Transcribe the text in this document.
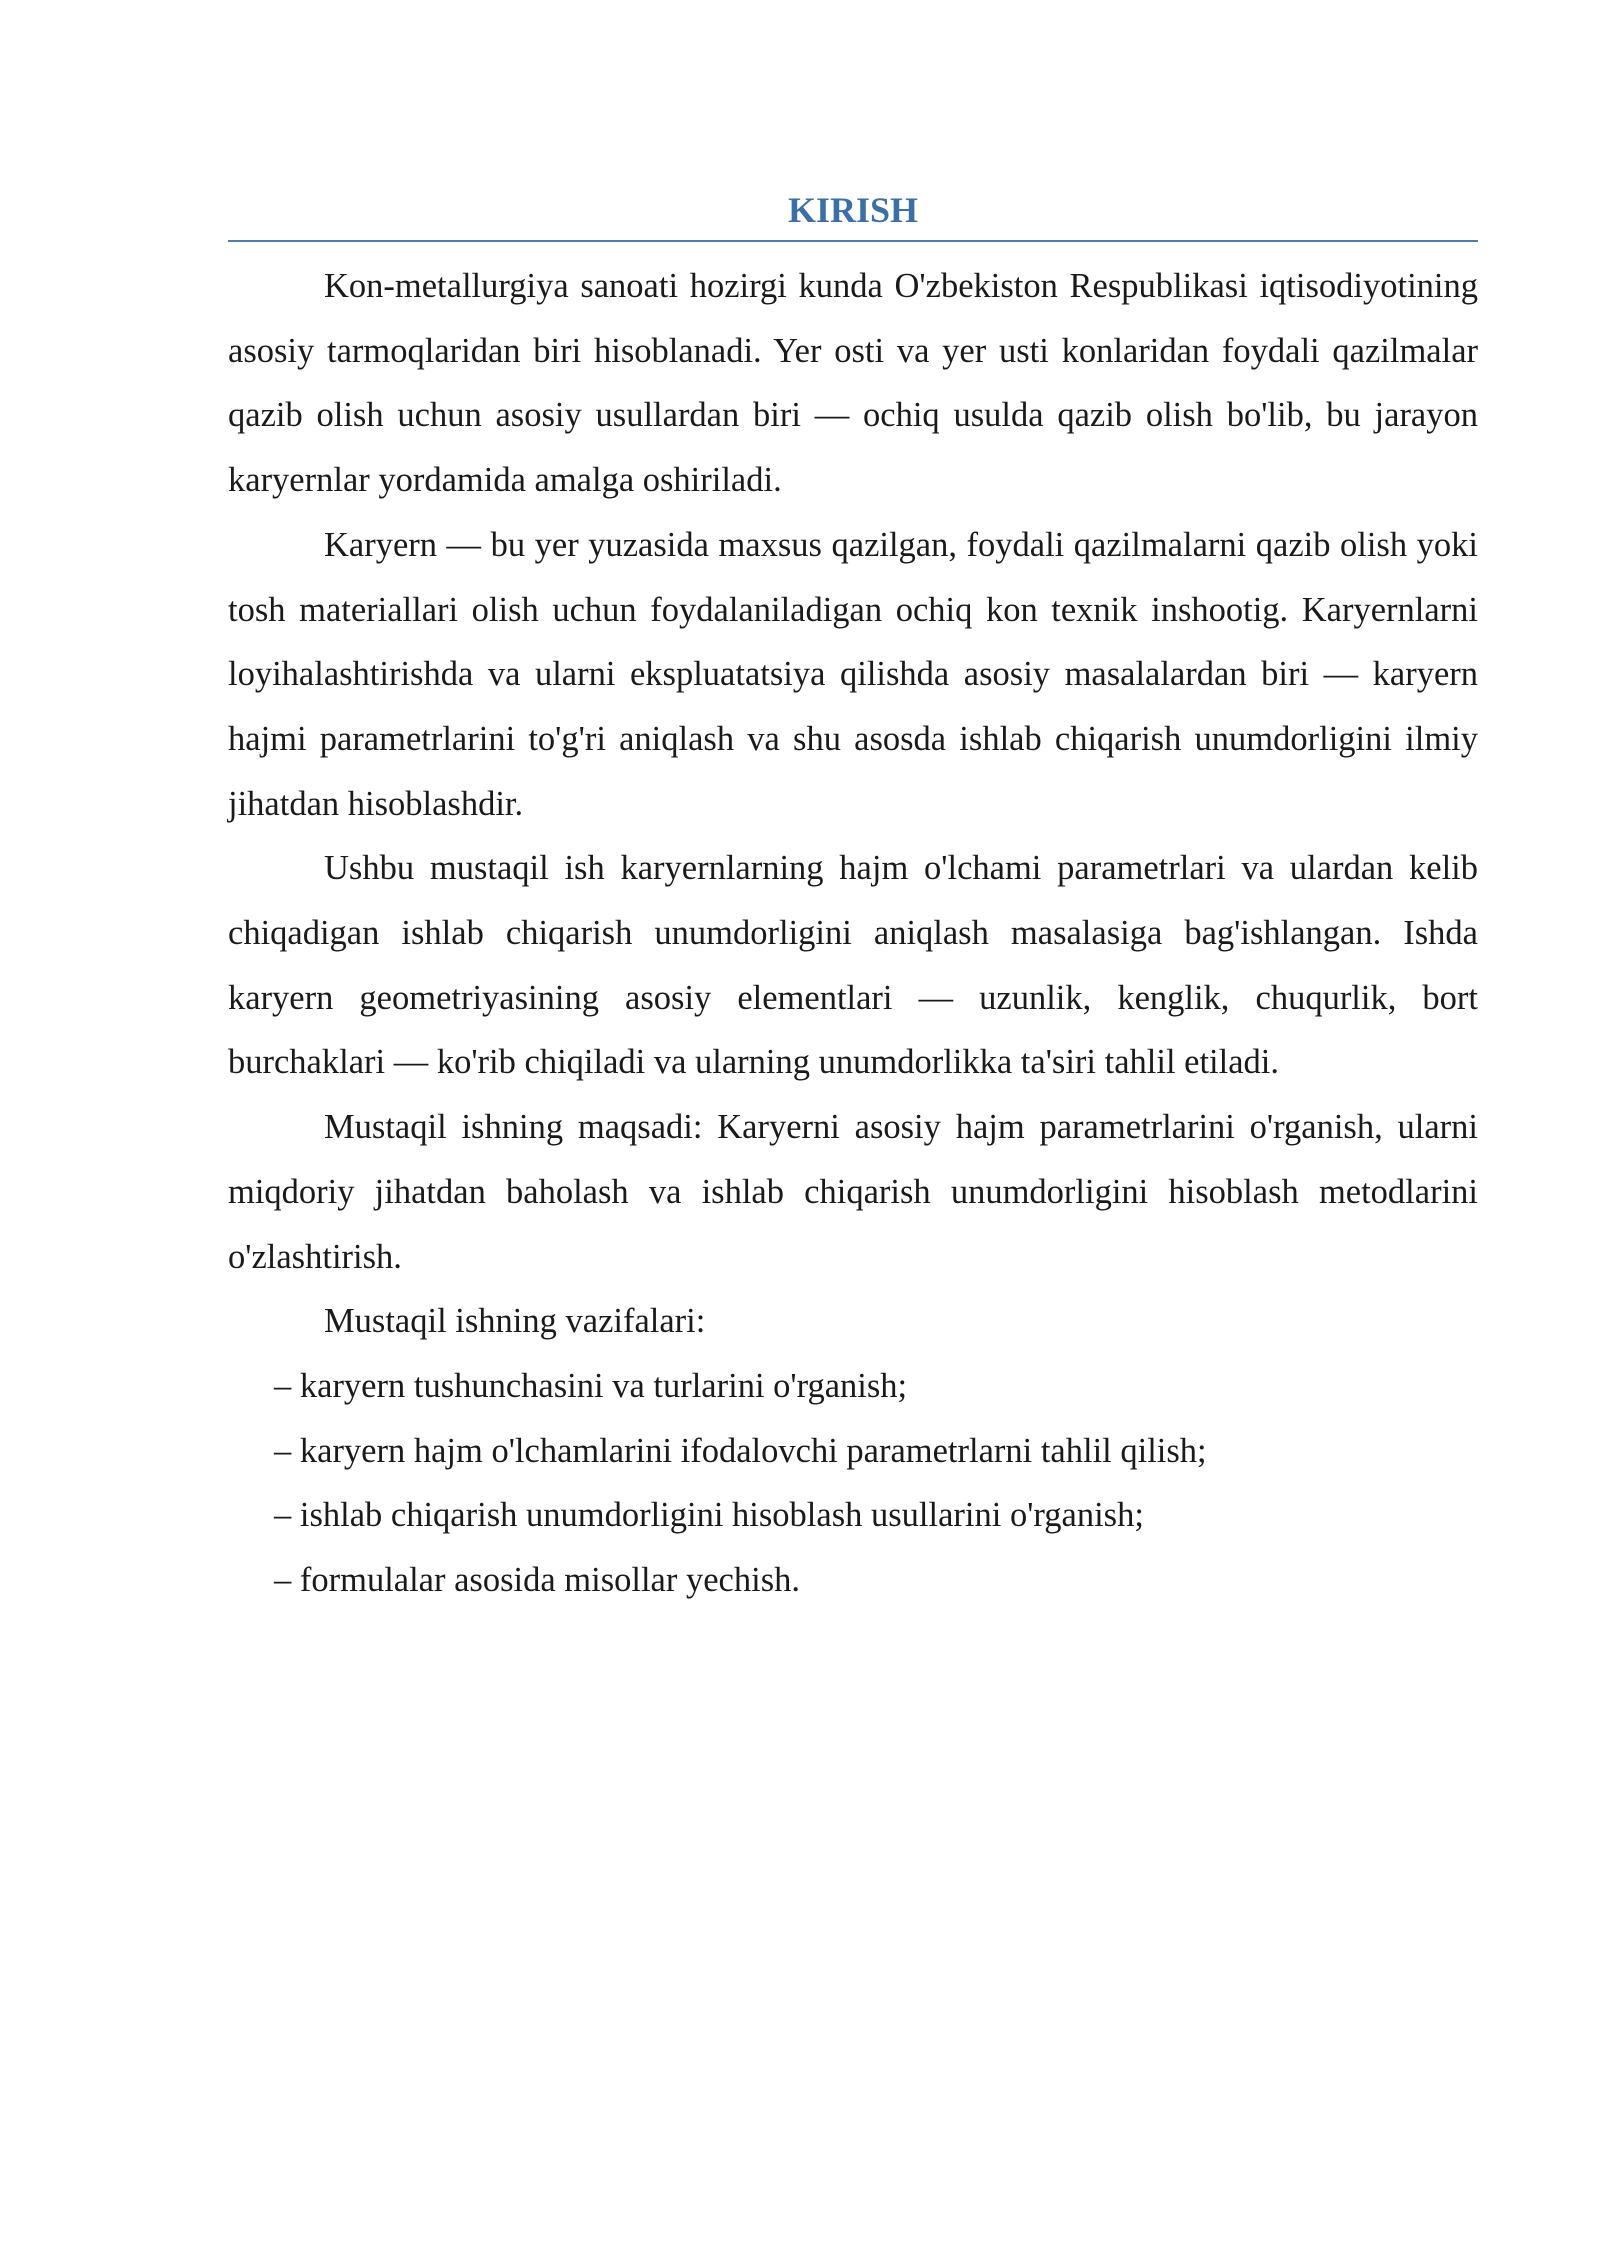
KIRISH

Kon-metallurgiya sanoati hozirgi kunda O'zbekiston Respublikasi iqtisodiyotining asosiy tarmoqlaridan biri hisoblanadi. Yer osti va yer usti konlaridan foydali qazilmalar qazib olish uchun asosiy usullardan biri — ochiq usulda qazib olish bo'lib, bu jarayon karyernlar yordamida amalga oshiriladi.

Karyern — bu yer yuzasida maxsus qazilgan, foydali qazilmalarni qazib olish yoki tosh materiallari olish uchun foydalaniladigan ochiq kon texnik inshootig. Karyernlarni loyihalashtirishda va ularni ekspluatatsiya qilishda asosiy masalalardan biri — karyern hajmi parametrlarini to'g'ri aniqlash va shu asosda ishlab chiqarish unumdorligini ilmiy jihatdan hisoblashdir.

Ushbu mustaqil ish karyernlarning hajm o'lchami parametrlari va ulardan kelib chiqadigan ishlab chiqarish unumdorligini aniqlash masalasiga bag'ishlangan. Ishda karyern geometriyasining asosiy elementlari — uzunlik, kenglik, chuqurlik, bort burchaklari — ko'rib chiqiladi va ularning unumdorlikka ta'siri tahlil etiladi.

Mustaqil ishning maqsadi: Karyerni asosiy hajm parametrlarini o'rganish, ularni miqdoriy jihatdan baholash va ishlab chiqarish unumdorligini hisoblash metodlarini o'zlashtirish.

Mustaqil ishning vazifalari:

– karyern tushunchasini va turlarini o'rganish;
– karyern hajm o'lchamlarini ifodalovchi parametrlarni tahlil qilish;
– ishlab chiqarish unumdorligini hisoblash usullarini o'rganish;
– formulalar asosida misollar yechish.
